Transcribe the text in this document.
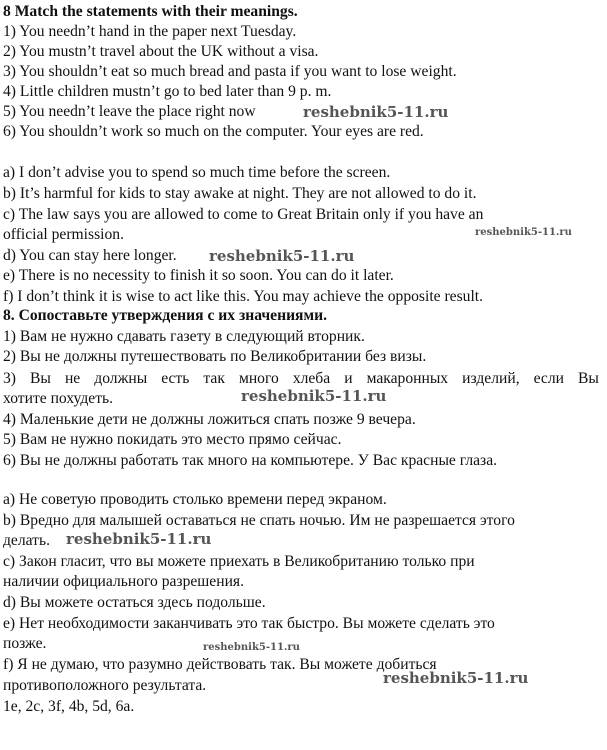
8 Match the statements with their meanings.
1) You needn’t hand in the paper next Tuesday.
2) You mustn’t travel about the UK without a visa.
3) You shouldn’t eat so much bread and pasta if you want to lose weight.
4) Little children mustn’t go to bed later than 9 p. m.
5) You needn’t leave the place right now
6) You shouldn’t work so much on the computer. Your eyes are red.
a) I don’t advise you to spend so much time before the screen.
b) It’s harmful for kids to stay awake at night. They are not allowed to do it.
c) The law says you are allowed to come to Great Britain only if you have an
official permission.
d) You can stay here longer.
e) There is no necessity to finish it so soon. You can do it later.
f) I don’t think it is wise to act like this. You may achieve the opposite result.
8. Сопоставьте утверждения с их значениями.
1) Вам не нужно сдавать газету в следующий вторник.
2) Вы не должны путешествовать по Великобритании без визы.
3) Вы не должны есть так много хлеба и макаронных изделий, если Вы
хотите похудеть.
4) Маленькие дети не должны ложиться спать позже 9 вечера.
5) Вам не нужно покидать это место прямо сейчас.
6) Вы не должны работать так много на компьютере. У Вас красные глаза.
a) Не советую проводить столько времени перед экраном.
b) Вредно для малышей оставаться не спать ночью. Им не разрешается этого
делать.
c) Закон гласит, что вы можете приехать в Великобританию только при
наличии официального разрешения.
d) Вы можете остаться здесь подольше.
e) Нет необходимости заканчивать это так быстро. Вы можете сделать это
позже.
f) Я не думаю, что разумно действовать так. Вы можете добиться
противоположного результата.
1e, 2c, 3f, 4b, 5d, 6a.
reshebnik5-11.ru
reshebnik5-11.ru
reshebnik5-11.ru
reshebnik5-11.ru
reshebnik5-11.ru
reshebnik5-11.ru
reshebnik5-11.ru
